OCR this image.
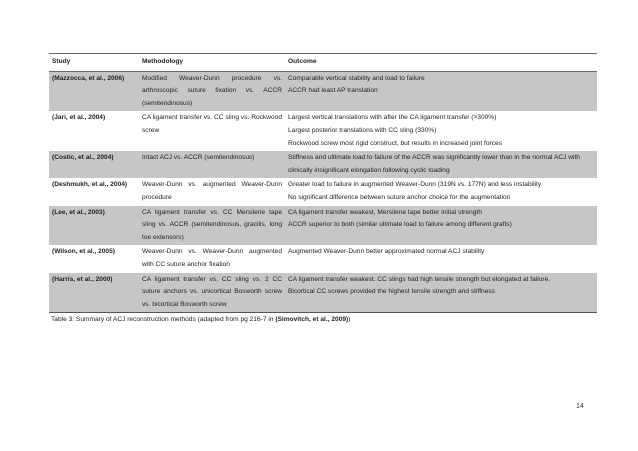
Study	Methodology	Outcome
(Mazzocca, et al., 2006)	Modified Weaver-Dunn procedure vs. arthroscopic suture fixation vs. ACCR (semitendinosus)	Comparable vertical stability and load to failure
ACCR had least AP translation

(Jari, et al., 2004)	CA ligament transfer vs. CC sling vs. Rockwood screw	Largest vertical translations with after the CA ligament transfer (>300%)
Largest posterior translations with CC sling (330%)
Rockwood screw most rigid construct, but results in increased joint forces

(Costic, et al., 2004)	Intact ACJ vs. ACCR (semitendinosus)	Stiffness and ultimate load to failure of the ACCR was significantly lower than in the normal ACJ with clinically insignificant elongation following cyclic loading

(Deshmukh, et al., 2004)	Weaver-Dunn vs. augmented Weaver-Dunn procedure	Greater load to failure in augmented Weaver-Dunn (319N vs. 177N) and less instability
No significant difference between suture anchor choice for the augmentation

(Lee, et al., 2003)	CA ligament transfer vs. CC Mersilene tape sling vs. ACCR (semitendinosus, gracilis, long toe extensors)	CA ligament transfer weakest, Mersilene tape better initial strength
ACCR superior to both (similar ultimate load to failure among different grafts)

(Wilson, et al., 2005)	Weaver-Dunn vs. Weaver-Dunn augmented with CC suture anchor fixation	Augmented Weaver-Dunn better approximated normal ACJ stability

(Harris, et al., 2000)	CA ligament transfer vs. CC sling vs. 2 CC suture anchors vs. unicortical Bosworth screw vs. bicortical Bosworth screw	CA ligament transfer weakest. CC slings had high tensile strength but elongated at failure.
Bicortical CC screws provided the highest tensile strength and stiffness
Table 3: Summary of ACJ reconstruction methods (adapted from pg 216-7 in (Simovitch, et al., 2009))
14
